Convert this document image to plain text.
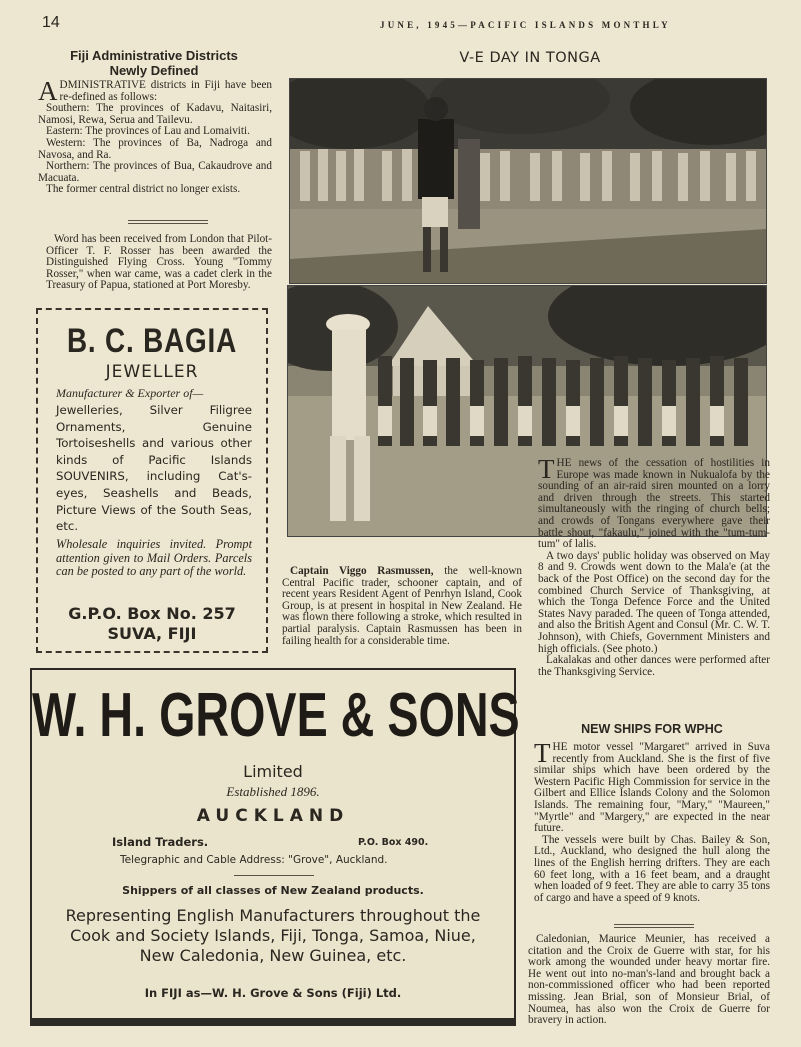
14	JUNE, 1945—PACIFIC ISLANDS MONTHLY
Fiji Administrative Districts
Newly Defined

ADMINISTRATIVE districts in Fiji have been re-defined as follows:

Southern: The provinces of Kadavu, Naitasiri, Namosi, Rewa, Serua and Tailevu.

Eastern: The provinces of Lau and Lomaiviti.

Western: The provinces of Ba, Nadroga and Navosa, and Ra.

Northern: The provinces of Bua, Cakaudrove and Macuata.

The former central district no longer exists.

Word has been received from London that Pilot-Officer T. F. Rosser has been awarded the Distinguished Flying Cross. Young "Tommy Rosser," when war came, was a cadet clerk in the Treasury of Papua, stationed at Port Moresby.
B. C. BAGIA
JEWELLER
Manufacturer & Exporter of—
Jewelleries, Silver Filigree Ornaments, Genuine Tortoiseshells and various other kinds of Pacific Islands SOUVENIRS, including Cat's-eyes, Seashells and Beads, Picture Views of the South Seas, etc.
Wholesale inquiries invited. Prompt attention given to Mail Orders. Parcels can be posted to any part of the world.
G.P.O. Box No. 257
SUVA, FIJI
V-E DAY IN TONGA
Captain Viggo Rasmussen, the well-known Central Pacific trader, schooner captain, and of recent years Resident Agent of Penrhyn Island, Cook Group, is at present in hospital in New Zealand. He was flown there following a stroke, which resulted in partial paralysis. Captain Rasmussen has been in failing health for a considerable time.

THE news of the cessation of hostilities in Europe was made known in Nukualofa by the sounding of an air-raid siren mounted on a lorry and driven through the streets. This started simultaneously with the ringing of church bells; and crowds of Tongans everywhere gave their battle shout, "fakaulu," joined with the "tum-tum-tum" of lalis.

A two days' public holiday was observed on May 8 and 9. Crowds went down to the Mala'e (at the back of the Post Office) on the second day for the combined Church Service of Thanksgiving, at which the Tonga Defence Force and the United States Navy paraded. The queen of Tonga attended, and also the British Agent and Consul (Mr. C. W. T. Johnson), with Chiefs, Government Ministers and high officials. (See photo.)

Lakalakas and other dances were performed after the Thanksgiving Service.

NEW SHIPS FOR WPHC

THE motor vessel "Margaret" arrived in Suva recently from Auckland. She is the first of five similar ships which have been ordered by the Western Pacific High Commission for service in the Gilbert and Ellice Islands Colony and the Solomon Islands. The remaining four, "Mary," "Maureen," "Myrtle" and "Margery," are expected in the near future.

The vessels were built by Chas. Bailey & Son, Ltd., Auckland, who designed the hull along the lines of the English herring drifters. They are each 60 feet long, with a 16 feet beam, and a draught when loaded of 9 feet. They are able to carry 35 tons of cargo and have a speed of 9 knots.

Caledonian, Maurice Meunier, has received a citation and the Croix de Guerre with star, for his work among the wounded under heavy mortar fire. He went out into no-man's-land and brought back a non-commissioned officer who had been reported missing. Jean Brial, son of Monsieur Brial, of Noumea, has also won the Croix de Guerre for bravery in action.
W. H. GROVE & SONS
Limited
Established 1896.
AUCKLAND
Island Traders.	P.O. Box 490.
Telegraphic and Cable Address: "Grove", Auckland.
Shippers of all classes of New Zealand products.
Representing English Manufacturers throughout the Cook and Society Islands, Fiji, Tonga, Samoa, Niue, New Caledonia, New Guinea, etc.
In FIJI as—W. H. Grove & Sons (Fiji) Ltd.
